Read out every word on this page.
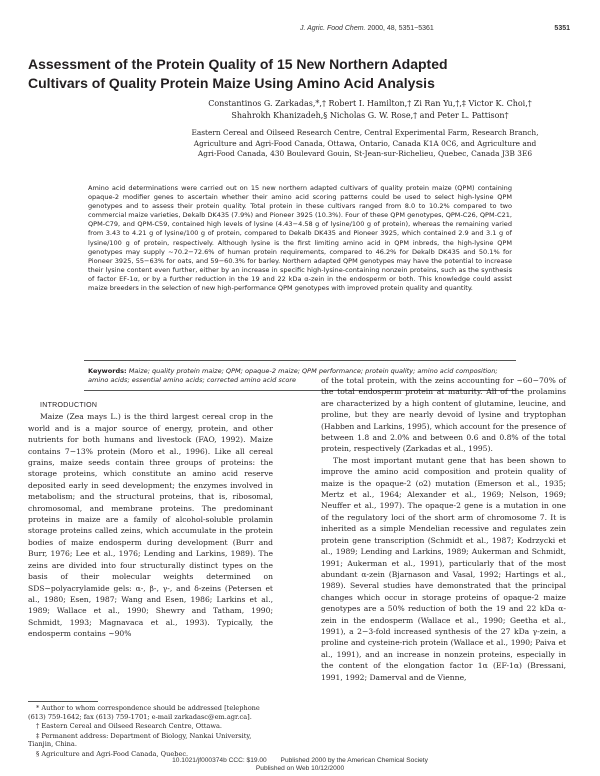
J. Agric. Food Chem. 2000, 48, 5351−5361	5351
Assessment of the Protein Quality of 15 New Northern Adapted
Cultivars of Quality Protein Maize Using Amino Acid Analysis
Constantinos G. Zarkadas,*,† Robert I. Hamilton,† Zi Ran Yu,†,‡ Victor K. Choi,†
Shahrokh Khanizadeh,§ Nicholas G. W. Rose,† and Peter L. Pattison†
Eastern Cereal and Oilseed Research Centre, Central Experimental Farm, Research Branch,
Agriculture and Agri-Food Canada, Ottawa, Ontario, Canada K1A 0C6, and Agriculture and
Agri-Food Canada, 430 Boulevard Gouin, St-Jean-sur-Richelieu, Quebec, Canada J3B 3E6

Amino acid determinations were carried out on 15 new northern adapted cultivars of quality protein maize (QPM) containing opaque-2 modifier genes to ascertain whether their amino acid scoring patterns could be used to select high-lysine QPM genotypes and to assess their protein quality. Total protein in these cultivars ranged from 8.0 to 10.2% compared to two commercial maize varieties, Dekalb DK435 (7.9%) and Pioneer 3925 (10.3%). Four of these QPM genotypes, QPM-C26, QPM-C21, QPM-C79, and QPM-C59, contained high levels of lysine (4.43−4.58 g of lysine/100 g of protein), whereas the remaining varied from 3.43 to 4.21 g of lysine/100 g of protein, compared to Dekalb DK435 and Pioneer 3925, which contained 2.9 and 3.1 g of lysine/100 g of protein, respectively. Although lysine is the first limiting amino acid in QPM inbreds, the high-lysine QPM genotypes may supply ~70.2−72.6% of human protein requirements, compared to 46.2% for Dekalb DK435 and 50.1% for Pioneer 3925, 55−63% for oats, and 59−60.3% for barley. Northern adapted QPM genotypes may have the potential to increase their lysine content even further, either by an increase in specific high-lysine-containing nonzein proteins, such as the synthesis of factor EF-1α, or by a further reduction in the 19 and 22 kDa α-zein in the endosperm or both. This knowledge could assist maize breeders in the selection of new high-performance QPM genotypes with improved protein quality and quantity.

Keywords: Maize; quality protein maize; QPM; opaque-2 maize; QPM performance; protein quality; amino acid composition; amino acids; essential amino acids; corrected amino acid score

INTRODUCTION

Maize (Zea mays L.) is the third largest cereal crop in the world and is a major source of energy, protein, and other nutrients for both humans and livestock (FAO, 1992). Maize contains 7−13% protein (Moro et al., 1996). Like all cereal grains, maize seeds contain three groups of proteins: the storage proteins, which constitute an amino acid reserve deposited early in seed development; the enzymes involved in metabolism; and the structural proteins, that is, ribosomal, chromosomal, and membrane proteins. The predominant proteins in maize are a family of alcohol-soluble prolamin storage proteins called zeins, which accumulate in the protein bodies of maize endosperm during development (Burr and Burr, 1976; Lee et al., 1976; Lending and Larkins, 1989). The zeins are divided into four structurally distinct types on the basis of their molecular weights determined on SDS−polyacrylamide gels: α-, β-, γ-, and δ-zeins (Petersen et al., 1980; Esen, 1987; Wang and Esen, 1986; Larkins et al., 1989; Wallace et al., 1990; Shewry and Tatham, 1990; Schmidt, 1993; Magnavaca et al., 1993). Typically, the endosperm contains ~90%

of the total protein, with the zeins accounting for ~60−70% of the total endosperm protein at maturity. All of the prolamins are characterized by a high content of glutamine, leucine, and proline, but they are nearly devoid of lysine and tryptophan (Habben and Larkins, 1995), which account for the presence of between 1.8 and 2.0% and between 0.6 and 0.8% of the total protein, respectively (Zarkadas et al., 1995).

The most important mutant gene that has been shown to improve the amino acid composition and protein quality of maize is the opaque-2 (o2) mutation (Emerson et al., 1935; Mertz et al., 1964; Alexander et al., 1969; Nelson, 1969; Neuffer et al., 1997). The opaque-2 gene is a mutation in one of the regulatory loci of the short arm of chromosome 7. It is inherited as a simple Mendelian recessive and regulates zein protein gene transcription (Schmidt et al., 1987; Kodrzycki et al., 1989; Lending and Larkins, 1989; Aukerman and Schmidt, 1991; Aukerman et al., 1991), particularly that of the most abundant α-zein (Bjarnason and Vasal, 1992; Hartings et al., 1989). Several studies have demonstrated that the principal changes which occur in storage proteins of opaque-2 maize genotypes are a 50% reduction of both the 19 and 22 kDa α-zein in the endosperm (Wallace et al., 1990; Geetha et al., 1991), a 2−3-fold increased synthesis of the 27 kDa γ-zein, a proline and cysteine-rich protein (Wallace et al., 1990; Paiva et al., 1991), and an increase in nonzein proteins, especially in the content of the elongation factor 1α (EF-1α) (Bressani, 1991, 1992; Damerval and de Vienne,

* Author to whom correspondence should be addressed [telephone (613) 759-1642; fax (613) 759-1701; e-mail zarkadasc@em.agr.ca].

† Eastern Cereal and Oilseed Research Centre, Ottawa.

‡ Permanent address: Department of Biology, Nankai University, Tianjin, China.

§ Agriculture and Agri-Food Canada, Quebec.

10.1021/jf000374b CCC: $19.00 Published 2000 by the American Chemical Society
Published on Web 10/12/2000
